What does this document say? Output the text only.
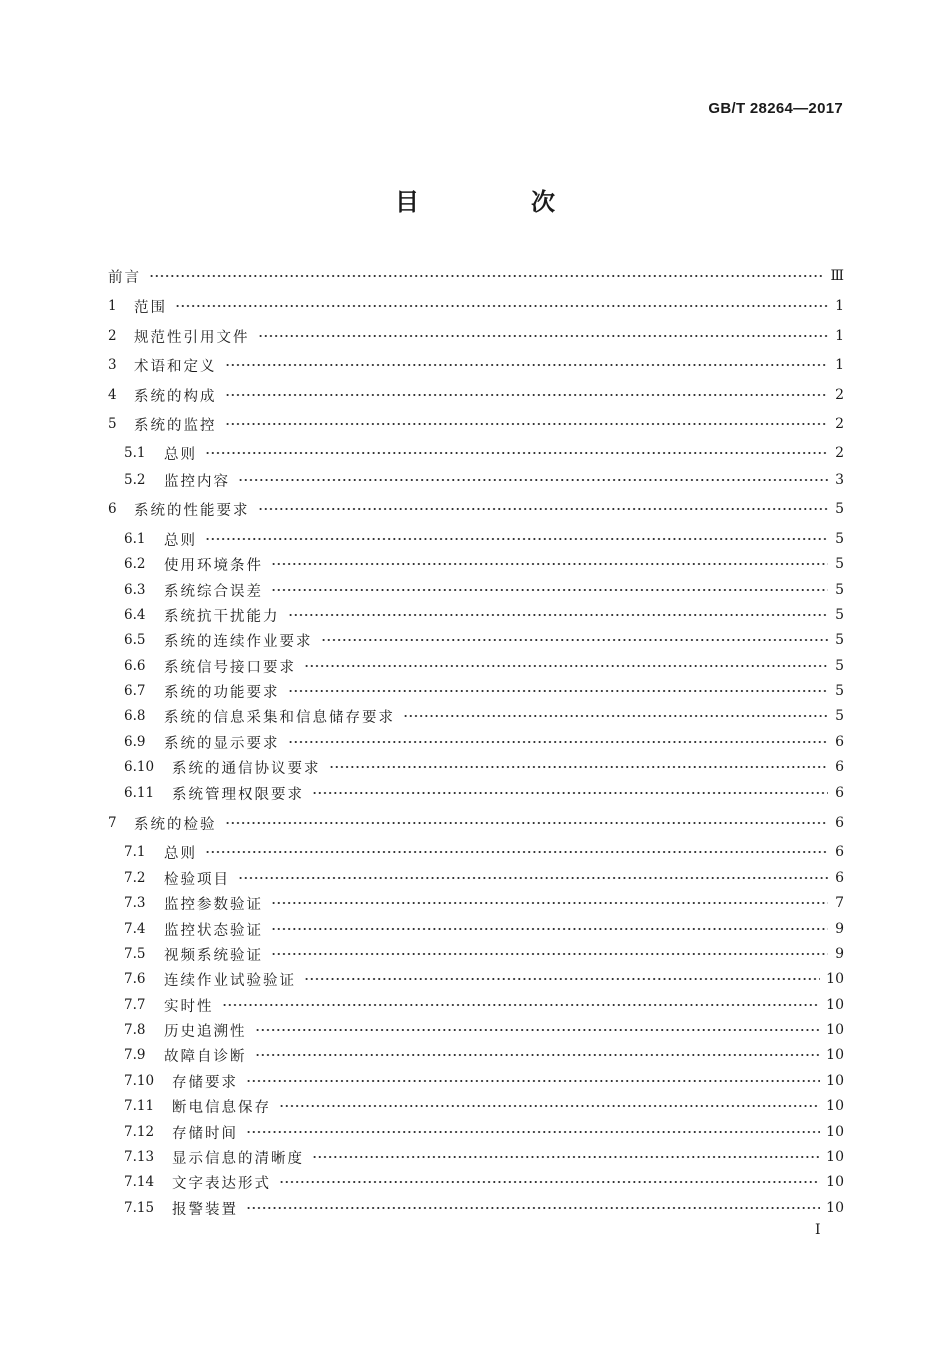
GB/T 28264—2017
目　次
前言	Ⅲ
1	范围	1
2	规范性引用文件	1
3	术语和定义	1
4	系统的构成	2
5	系统的监控	2
5.1	总则	2
5.2	监控内容	3
6	系统的性能要求	5
6.1	总则	5
6.2	使用环境条件	5
6.3	系统综合误差	5
6.4	系统抗干扰能力	5
6.5	系统的连续作业要求	5
6.6	系统信号接口要求	5
6.7	系统的功能要求	5
6.8	系统的信息采集和信息储存要求	5
6.9	系统的显示要求	6
6.10	系统的通信协议要求	6
6.11	系统管理权限要求	6
7	系统的检验	6
7.1	总则	6
7.2	检验项目	6
7.3	监控参数验证	7
7.4	监控状态验证	9
7.5	视频系统验证	9
7.6	连续作业试验验证	10
7.7	实时性	10
7.8	历史追溯性	10
7.9	故障自诊断	10
7.10	存储要求	10
7.11	断电信息保存	10
7.12	存储时间	10
7.13	显示信息的清晰度	10
7.14	文字表达形式	10
7.15	报警装置	10
I
